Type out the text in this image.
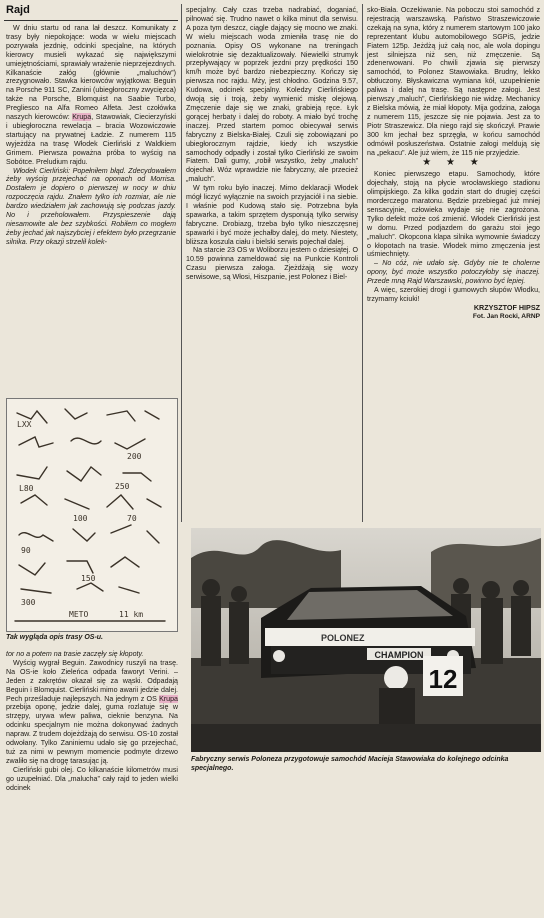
Rajd

W dniu startu od rana lał deszcz. Komunikaty z trasy były niepokojące: woda w wielu miejscach pozrywała jezdnię, odcinki specjalne, na których kierowcy musieli wykazać się największymi umiejętnościami, sprawiały wrażenie nieprzejezdnych. Kilkanaście załóg (głównie „maluchów”) zrezygnowało. Stawka kierowców wyjątkowa: Beguin na Porsche 911 SC, Zanini (ubiegłoroczny zwycięzca) także na Porsche, Blomquist na Saabie Turbo, Pregliesco na Alfa Romeo Alfeta. Jest czołówka naszych kierowców: Krupa, Stawowiak, Ciecierzyński i ubiegłoroczna rewelacja – bracia Wozowiczowie startujący na prywatnej Ładzie. Z numerem 115 wyjeżdża na trasę Włodek Cierliński z Waldkiem Grimem. Pierwsza poważna próba to wyścig na Sobótce. Preludium rajdu.

Włodek Cierliński: Popełniłem błąd. Zdecydowałem żeby wyścig przejechać na oponach od Morrisa. Dostałem je dopiero o pierwszej w nocy w dniu rozpoczęcia rajdu. Znałem tylko ich rozmiar, ale nie bardzo wiedziałem jak zachowują się podczas jazdy. No i przeholowałem. Przyspieszenie dają niesamowite ale bez szybkości. Robiłem co mogłem żeby jechać jak najszybciej i efektem było przegrzanie silnika. Przy okazji strzelił kolek-

LXX
200
L80	250
100	70
90
150
300
METO	11 km
Tak wygląda opis trasy OS-u.

tor no a potem na trasie zaczęły się kłopoty.

Wyścig wygrał Beguin. Zawodnicy ruszyli na trasę. Na OS-ie koło Zieleńca odpada faworyt Verini. – Jeden z zakrętów okazał się za wąski. Odpadają Beguin i Blomquist. Cierliński mimo awarii jedzie dalej. Pech prześladuje najlepszych. Na jednym z OS Krupa przebija oponę, jedzie dalej, guma rozlatuje się w strzępy, urywa wlew paliwa, cieknie benzyna. Na odcinku specjalnym nie można dokonywać żadnych napraw. Z trudem dojeżdżają do serwisu. OS-10 został odwołany. Tylko Zaniniemu udało się go przejechać, tuż za nimi w pewnym momencie podmyte drzewo zwaliło się na drogę tarasując ją.

Cierliński gubi olej. Co kilkanaście kilometrów musi go uzupełniać. Dla „malucha” cały rajd to jeden wielki odcinek

specjalny. Cały czas trzeba nadrabiać, doganiać, pilnować się. Trudno nawet o kilka minut dla serwisu. A poza tym deszcz, ciągle dający się mocno we znaki. W wielu miejscach woda zmieniła trasę nie do poznania. Opisy OS wykonane na treningach wielokrotnie się dezaktualizowały. Niewielki strumyk przepływający w poprzek jezdni przy prędkości 150 km/h może być bardzo niebezpieczny. Kończy się pierwsza noc rajdu. Mży, jest chłodno. Godzina 9.57, Kudowa, odcinek specjalny. Koledzy Cierlińskiego dwoją się i troją, żeby wymienić miskę olejową. Zmęczenie daje się we znaki, grabieją ręce. Łyk gorącej herbaty i dalej do roboty. A miało być trochę inaczej. Przed startem pomoc obiecywał serwis fabryczny z Bielska-Białej. Czuli się zobowiązani po ubiegłorocznym rajdzie, kiedy ich wszystkie samochody odpadły i został tylko Cierliński ze swoim Fiatem. Dali gumy, „robił wszystko, żeby „maluch” dojechał. Wóz wprawdzie nie fabryczny, ale przecież „maluch”.

W tym roku było inaczej. Mimo deklaracji Włodek mógł liczyć wyłącznie na swoich przyjaciół i na siebie. I właśnie pod Kudową stało się. Potrzebna była spawarka, a takim sprzętem dysponują tylko serwisy fabryczne. Drobiazg, trzeba było tylko nieszczęsnej spawarki i być może jechałby dalej, do mety. Niestety, bliższa koszula ciału i bielski serwis pojechał dalej.

Na starcie 23 OS w Woliborzu jestem o dziesiątej. O 10.59 powinna zameldować się na Punkcie Kontroli Czasu pierwsza załoga. Zjeżdżają się wozy serwisowe, są Włosi, Hiszpanie, jest Polonez i Biel-

sko-Biała. Oczekiwanie. Na poboczu stoi samochód z rejestracją warszawską. Państwo Straszewiczowie czekają na syna, który z numerem startowym 100 jako reprezentant klubu automobilowego SGPiS, jedzie Fiatem 125p. Jeżdżą już całą noc, ale wola dopingu jest silniejsza niż sen, niż zmęczenie. Są zdenerwowani. Po chwili zjawia się pierwszy samochód, to Polonez Stawowiaka. Brudny, lekko obtłuczony. Błyskawiczna wymiana kół, uzupełnienie paliwa i dalej na trasę. Są następne załogi. Jest pierwszy „maluch”, Cierlińskiego nie widzę. Mechanicy z Bielska mówią, że miał kłopoty. Mija godzina, załoga z numerem 115, jeszcze się nie pojawia. Jest za to Piotr Straszewicz. Dla niego rajd się skończył. Prawie 300 km jechał bez sprzęgła, w końcu samochód odmówił posłuszeństwa. Ostatnie załogi meldują się na „pekacu”. Ale już wiem, że 115 nie przyjedzie.

★ ★ ★

Koniec pierwszego etapu. Samochody, które dojechały, stoją na płycie wrocławskiego stadionu olimpijskiego. Za kilka godzin start do drugiej części morderczego maratonu. Będzie przebiegać już mniej sensacyjnie, człowieka wydaje się nie zagrożona. Tylko defekt może coś zmienić. Włodek Cierliński jest w domu. Przed podjazdem do garażu stoi jego „maluch”. Okopcona klapa silnika wymownie świadczy o kłopotach na trasie. Włodek mimo zmęczenia jest uśmiechnięty.

– No cóż, nie udało się. Gdyby nie te cholerne opony, być może wszystko potoczyłoby się inaczej. Przede mną Rajd Warszawski, powinno być lepiej.

A więc, szerokiej drogi i gumowych słupów Włodku, trzymamy kciuki!

KRZYSZTOF HIPSZ
Fot. Jan Rocki, ARNP
CHAMPION
POLONEZ
12
Fabryczny serwis Poloneza przygotowuje samochód Macieja Stawowiaka do kolejnego odcinka specjalnego.
